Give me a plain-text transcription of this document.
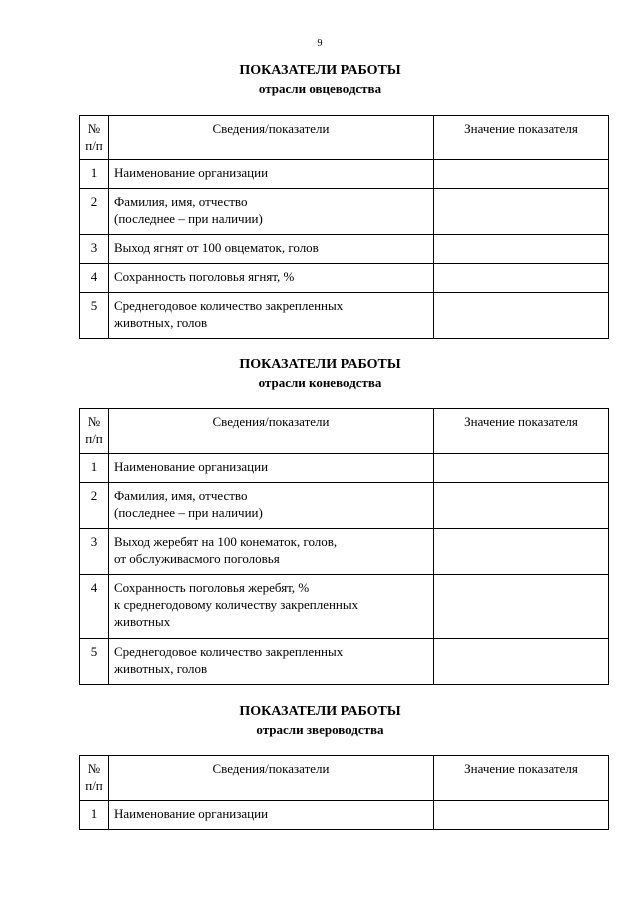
9
ПОКАЗАТЕЛИ РАБОТЫ
отрасли овцеводства
№
п/п	Сведения/показатели	Значение показателя
1	Наименование организации	
2	Фамилия, имя, отчество
(последнее – при наличии)	
3	Выход ягнят от 100 овцематок, голов	
4	Сохранность поголовья ягнят, %	
5	Среднегодовое количество закрепленных
животных, голов	
ПОКАЗАТЕЛИ РАБОТЫ
отрасли коневодства
№
п/п	Сведения/показатели	Значение показателя
1	Наименование организации	
2	Фамилия, имя, отчество
(последнее – при наличии)	
3	Выход жеребят на 100 конематок, голов,
от обслуживасмого поголовья	
4	Сохранность поголовья жеребят, %
к среднегодовому количеству закрепленных
животных	
5	Среднегодовое количество закрепленных
животных, голов	
ПОКАЗАТЕЛИ РАБОТЫ
отрасли звероводства
№
п/п	Сведения/показатели	Значение показателя
1	Наименование организации	
